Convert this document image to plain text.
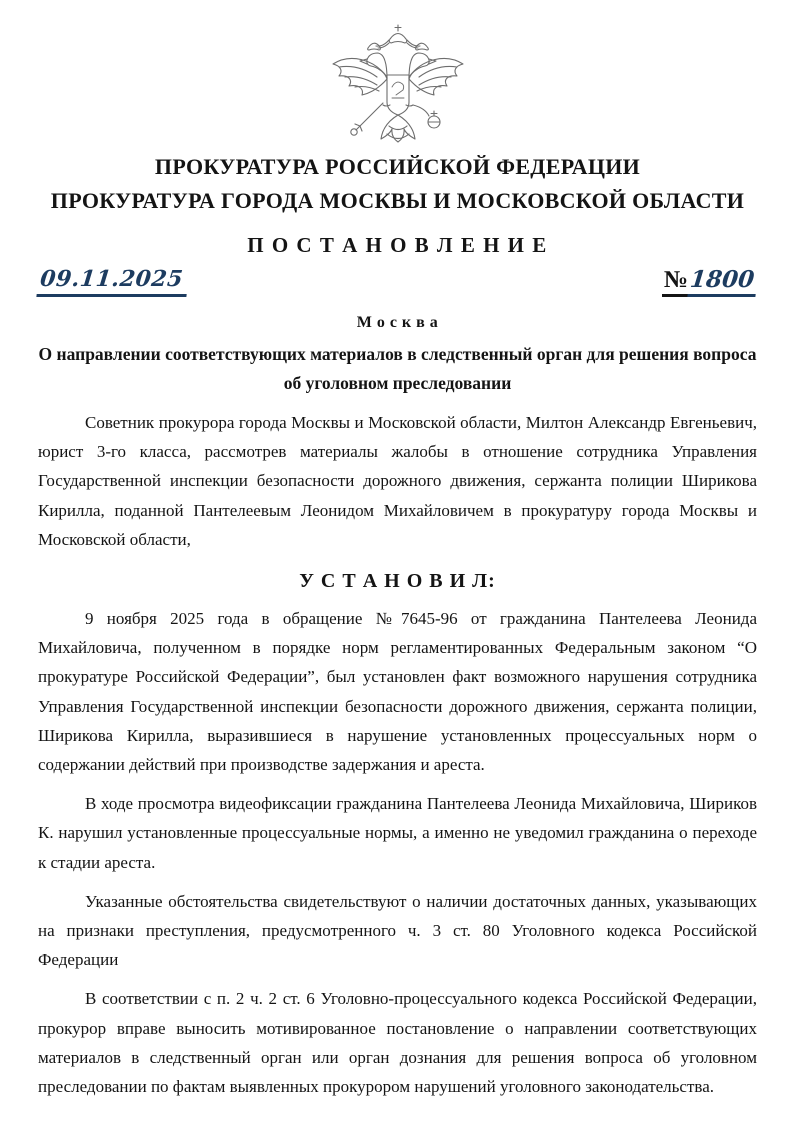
ПРОКУРАТУРА РОССИЙСКОЙ ФЕДЕРАЦИИ
ПРОКУРАТУРА ГОРОДА МОСКВЫ И МОСКОВСКОЙ ОБЛАСТИ
П О С Т А Н О В Л Е Н И Е
09.11.2025	№ 1800
М о с к в а
О направлении соответствующих материалов в следственный орган для решения вопроса об уголовном преследовании

Советник прокурора города Москвы и Московской области, Милтон Александр Евгеньевич, юрист 3-го класса, рассмотрев материалы жалобы в отношение сотрудника Управления Государственной инспекции безопасности дорожного движения, сержанта полиции Ширикова Кирилла, поданной Пантелеевым Леонидом Михайловичем в прокуратуру города Москвы и Московской области,

У С Т А Н О В И Л:

9 ноября 2025 года в обращение №7645-96 от гражданина Пантелеева Леонида Михайловича, полученном в порядке норм регламентированных Федеральным законом “О прокуратуре Российской Федерации”, был установлен факт возможного нарушения сотрудника Управления Государственной инспекции безопасности дорожного движения, сержанта полиции, Ширикова Кирилла, выразившиеся в нарушение установленных процессуальных норм о содержании действий при производстве задержания и ареста.

В ходе просмотра видеофиксации гражданина Пантелеева Леонида Михайловича, Шириков К. нарушил установленные процессуальные нормы, а именно не уведомил гражданина о переходе к стадии ареста.

Указанные обстоятельства свидетельствуют о наличии достаточных данных, указывающих на признаки преступления, предусмотренного ч. 3 ст. 80 Уголовного кодекса Российской Федерации

В соответствии с п. 2 ч. 2 ст. 6 Уголовно-процессуального кодекса Российской Федерации, прокурор вправе выносить мотивированное постановление о направлении соответствующих материалов в следственный орган или орган дознания для решения вопроса об уголовном преследовании по фактам выявленных прокурором нарушений уголовного законодательства.
